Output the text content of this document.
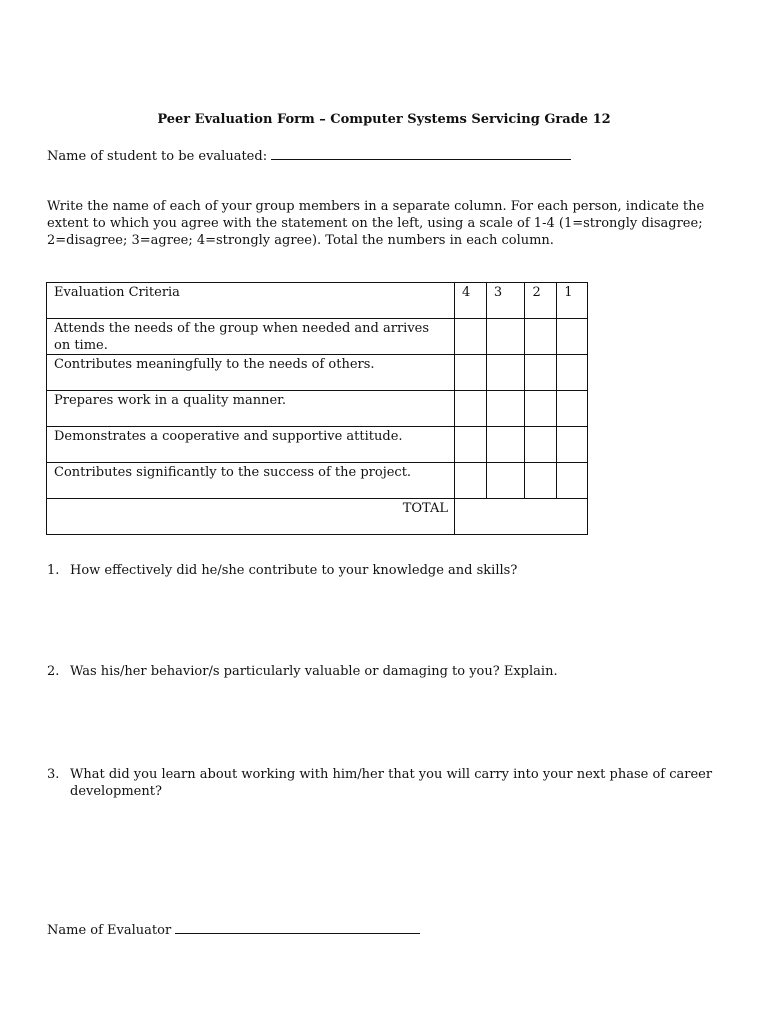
Peer Evaluation Form – Computer Systems Servicing Grade 12
Name of student to be evaluated:
Write the name of each of your group members in a separate column. For each person, indicate the extent to which you agree with the statement on the left, using a scale of 1-4 (1=strongly disagree; 2=disagree; 3=agree; 4=strongly agree). Total the numbers in each column.
Evaluation Criteria	4	3	2	1
Attends the needs of the group when needed and arrives on time.				
Contributes meaningfully to the needs of others.				
Prepares work in a quality manner.				
Demonstrates a cooperative and supportive attitude.				
Contributes significantly to the success of the project.				
TOTAL				
1. How effectively did he/she contribute to your knowledge and skills?
2. Was his/her behavior/s particularly valuable or damaging to you? Explain.
3. What did you learn about working with him/her that you will carry into your next phase of career development?
Name of Evaluator
